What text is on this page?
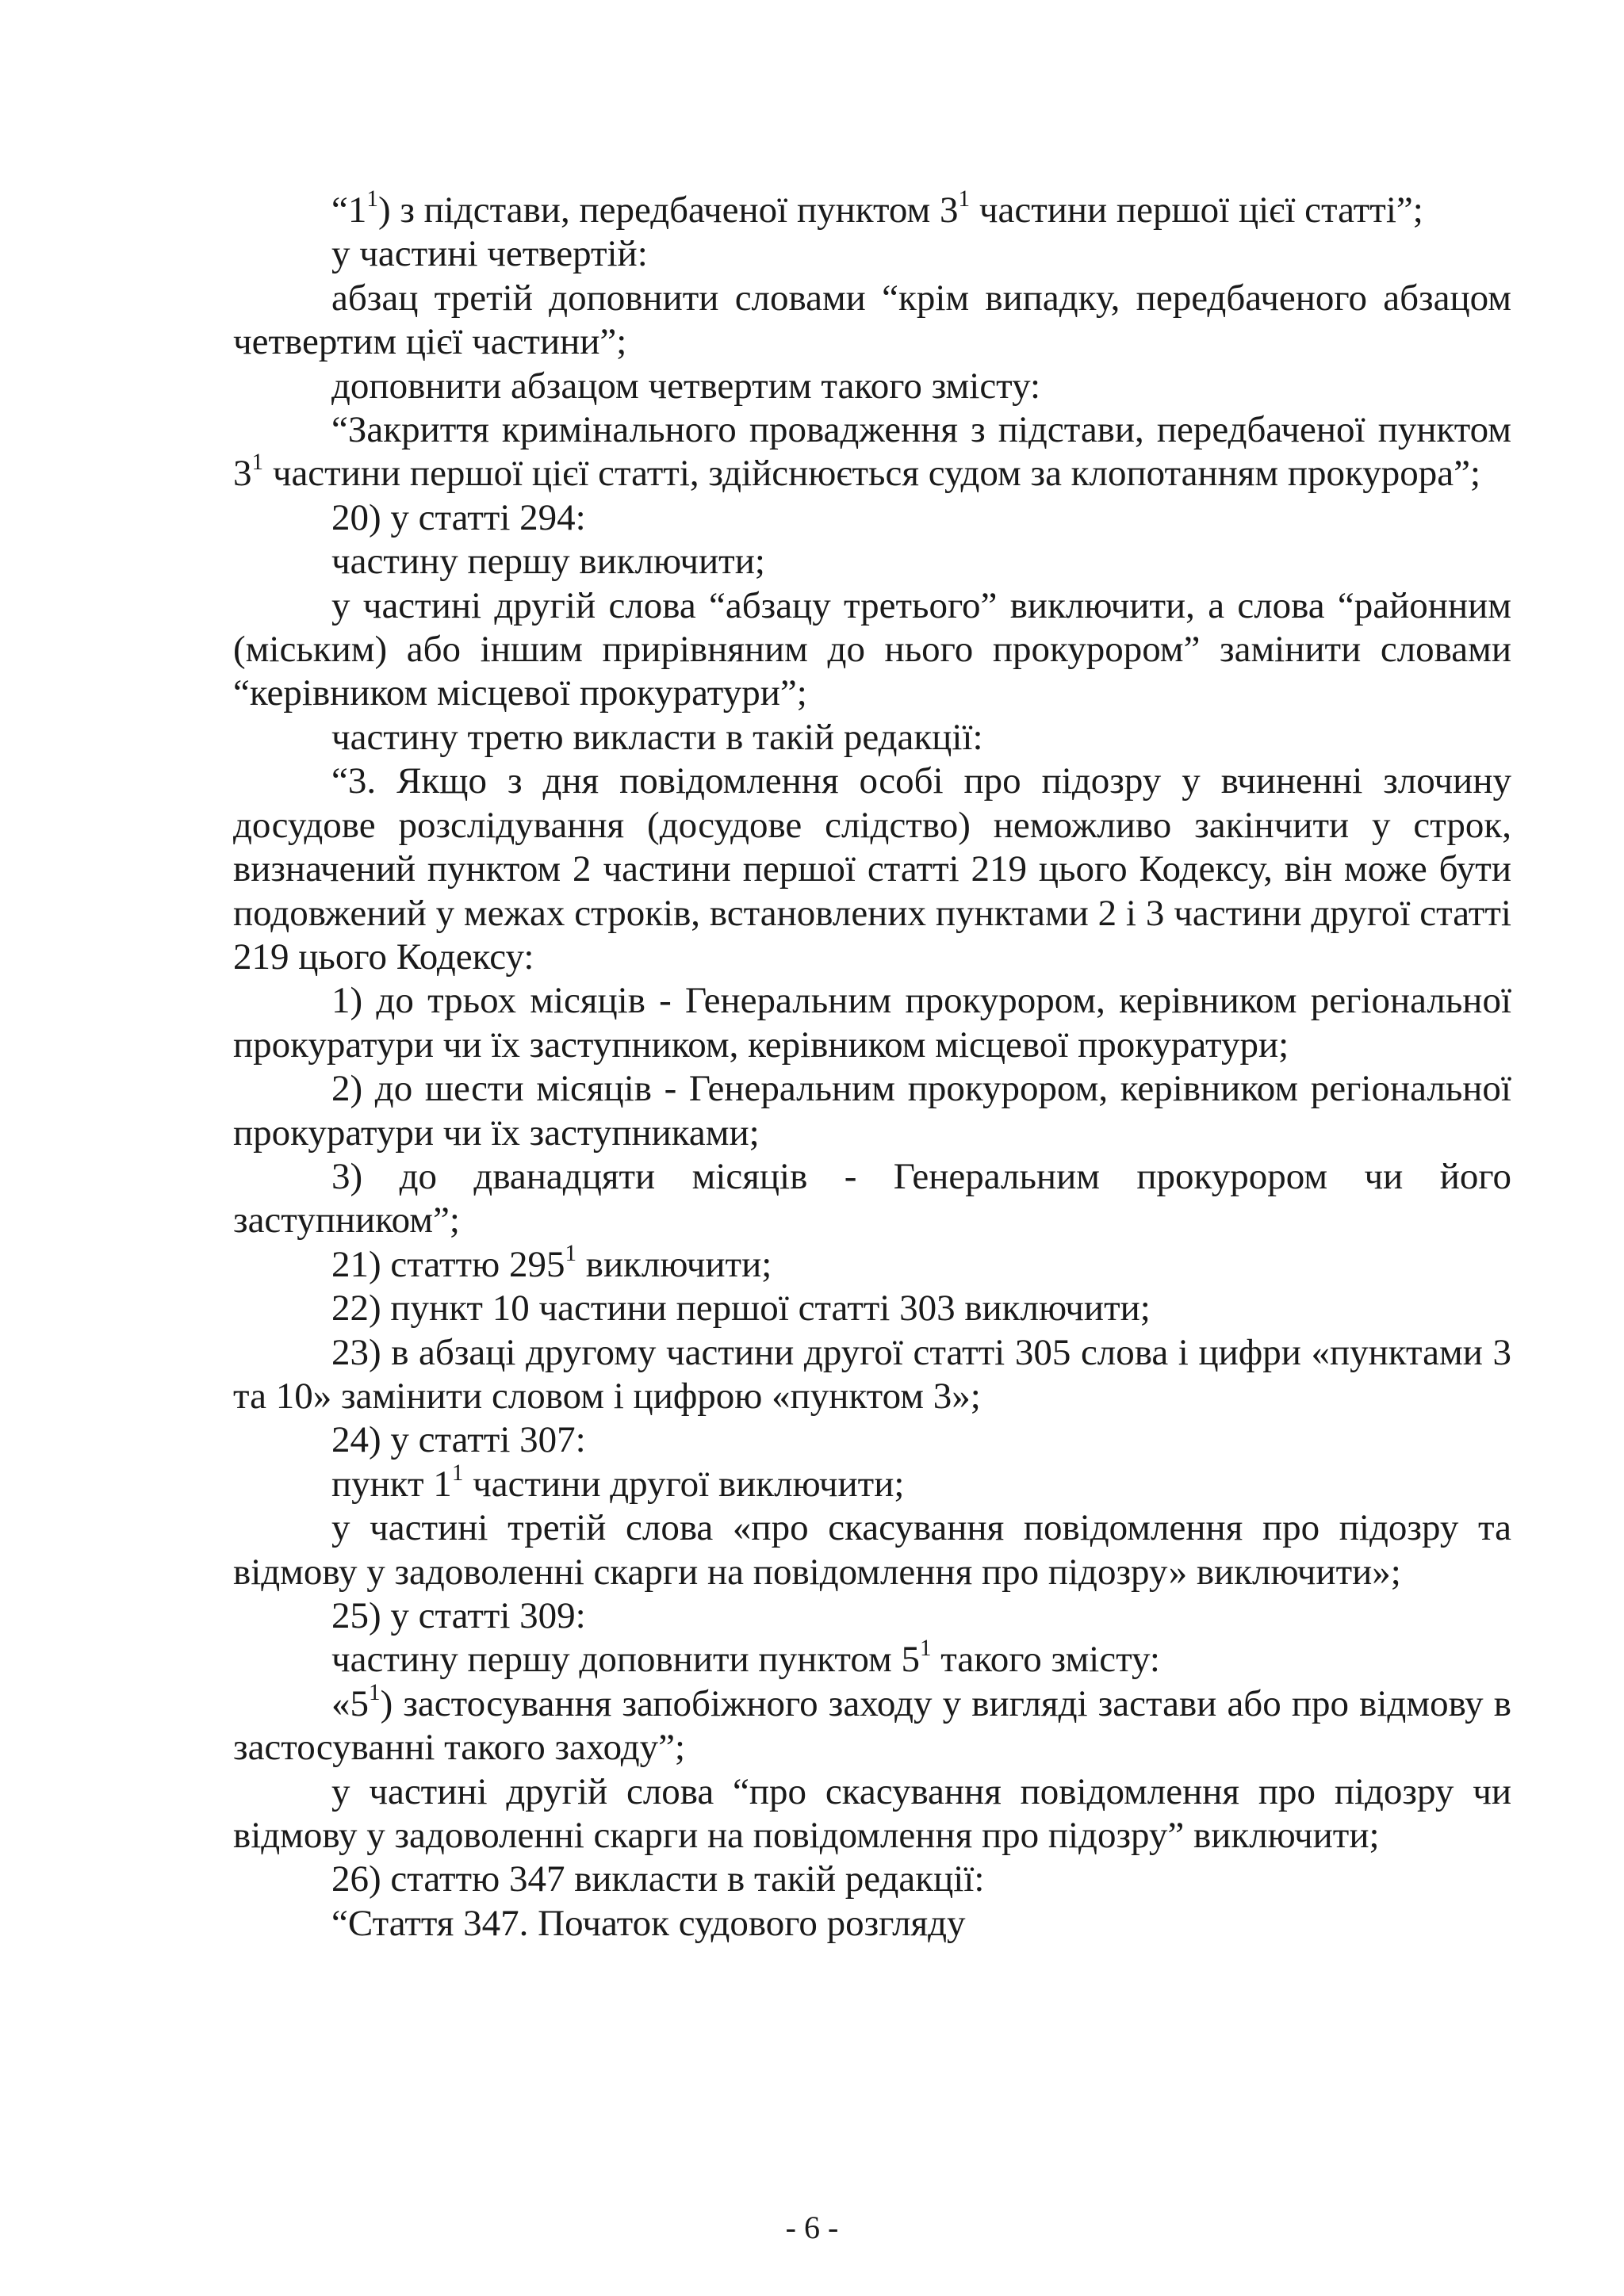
“$1^1$) з підстави, передбаченої пунктом $3^1$ частини першої цієї статті”;

у частині четвертій:

абзац третій доповнити словами “крім випадку, передбаченого абзацом четвертим цієї частини”;

доповнити абзацом четвертим такого змісту:

“Закриття кримінального провадження з підстави, передбаченої пунктом $3^1$ частини першої цієї статті, здійснюється судом за клопотанням прокурора”;

20) у статті 294:

частину першу виключити;

у частині другій слова “абзацу третього” виключити, а слова “районним (міським) або іншим прирівняним до нього прокурором” замінити словами “керівником місцевої прокуратури”;

частину третю викласти в такій редакції:

“3. Якщо з дня повідомлення особі про підозру у вчиненні злочину досудове розслідування (досудове слідство) неможливо закінчити у строк, визначений пунктом 2 частини першої статті 219 цього Кодексу, він може бути подовжений у межах строків, встановлених пунктами 2 і 3 частини другої статті 219 цього Кодексу:

1) до трьох місяців - Генеральним прокурором, керівником регіональної прокуратури чи їх заступником, керівником місцевої прокуратури;

2) до шести місяців - Генеральним прокурором, керівником регіональної прокуратури чи їх заступниками;

3) до дванадцяти місяців - Генеральним прокурором чи його заступником”;

21) статтю $295^1$ виключити;

22) пункт 10 частини першої статті 303 виключити;

23) в абзаці другому частини другої статті 305 слова і цифри «пунктами 3 та 10» замінити словом і цифрою «пунктом 3»;

24) у статті 307:

пункт $1^1$ частини другої виключити;

у частині третій слова «про скасування повідомлення про підозру та відмову у задоволенні скарги на повідомлення про підозру» виключити»;

25) у статті 309:

частину першу доповнити пунктом $5^1$ такого змісту:

«$5^1$) застосування запобіжного заходу у вигляді застави або про відмову в застосуванні такого заходу”;

у частині другій слова “про скасування повідомлення про підозру чи відмову у задоволенні скарги на повідомлення про підозру” виключити;

26) статтю 347 викласти в такій редакції:

“Стаття 347. Початок судового розгляду

- 6 -
